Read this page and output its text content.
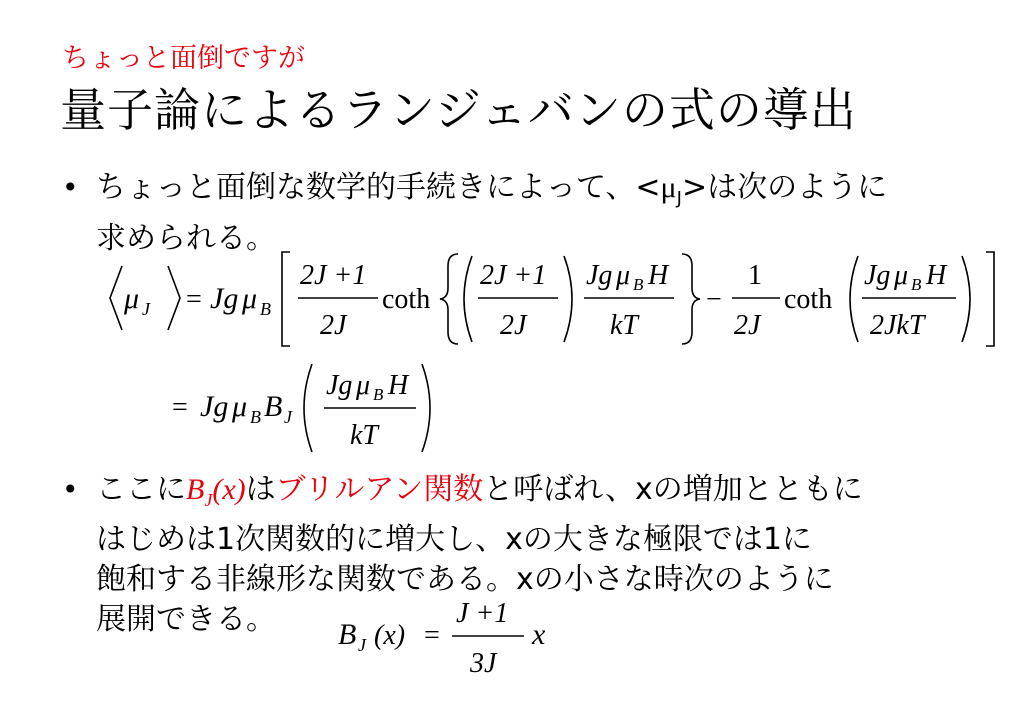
ちょっと面倒ですが
量子論によるランジェバンの式の導出
• ちょっと面倒な数学的手続きによって、$<\mu_J>$は次のように
求められる。
μ J = Jg μ B
2J +1
2J
coth
2J +1
2J
Jg μ B H
kT
−
1
2J
coth
Jg μ B H
2JkT
= Jg μ B B J
Jg μ B H
kT
• ここに$B_J(x)$はブリルアン関数と呼ばれ、xの増加とともに
はじめは1次関数的に増大し、xの大きな極限では1に
飽和する非線形な関数である。xの小さな時次のように
展開できる。	B J (x) =
J +1
3J
x
